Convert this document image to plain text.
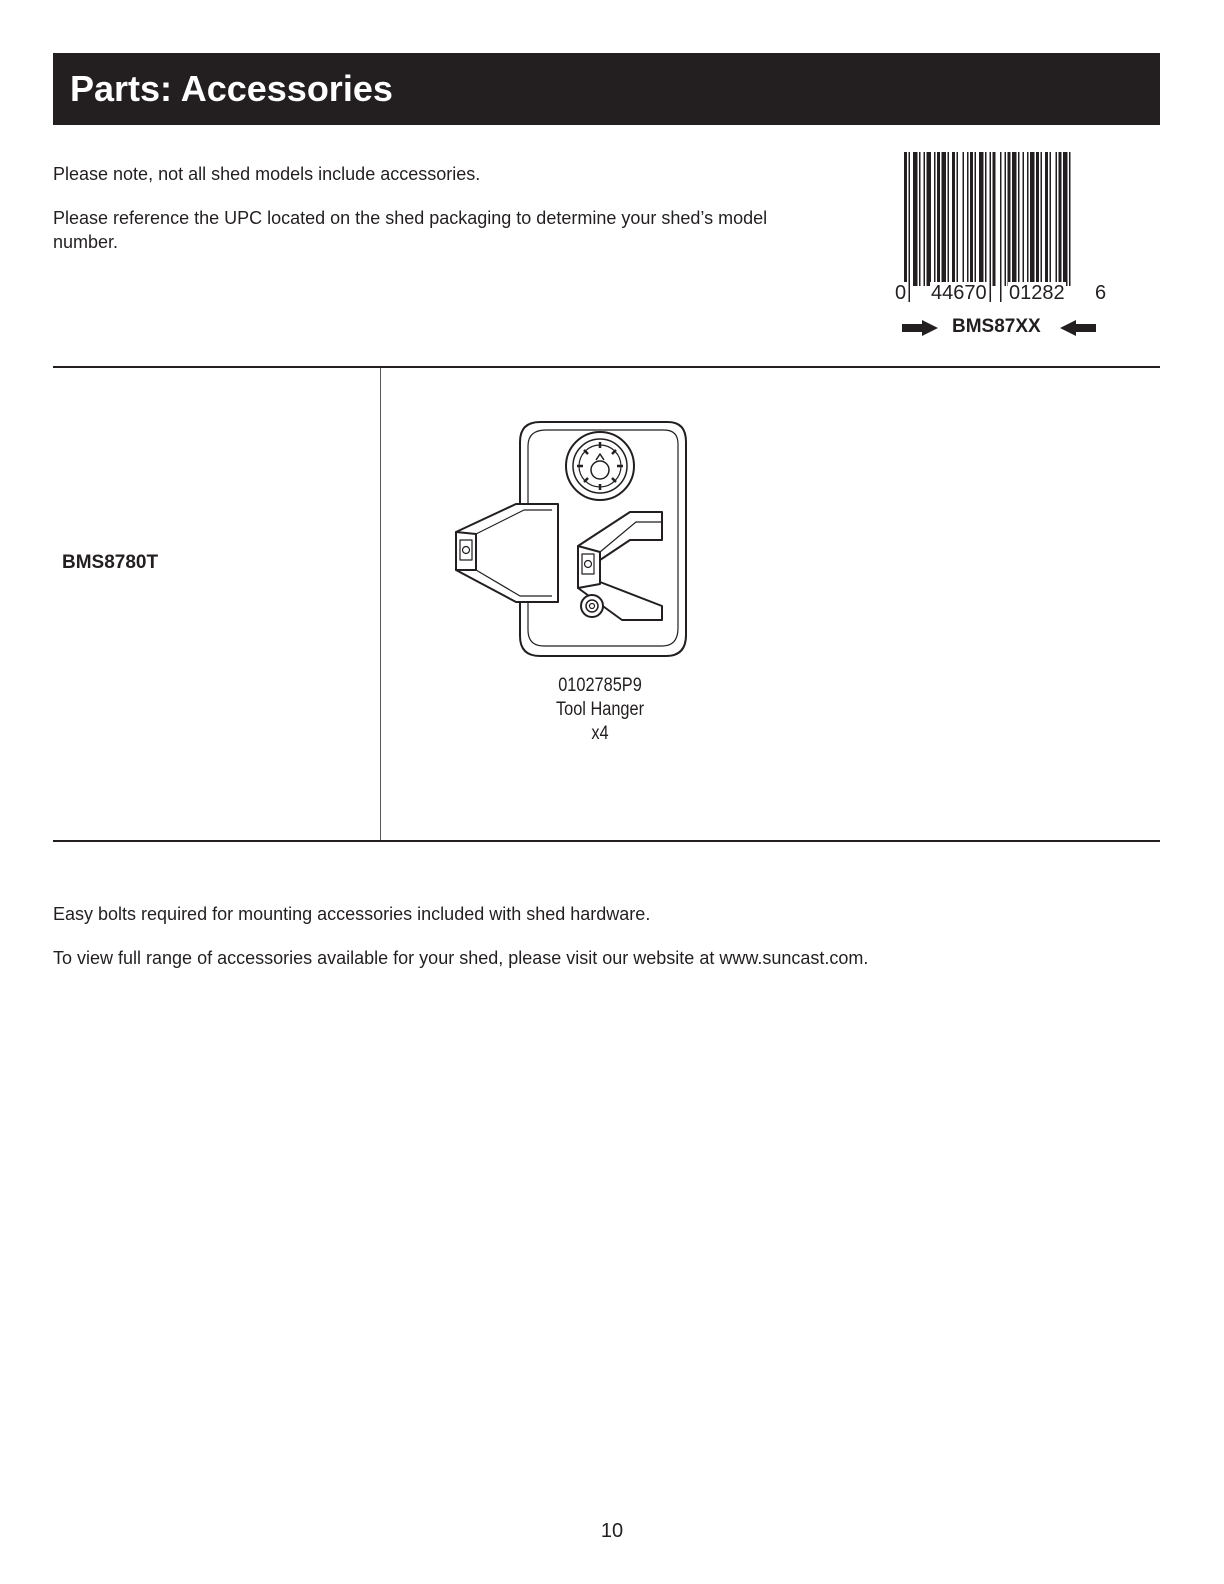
Parts: Accessories

Please note, not all shed models include accessories.

Please reference the UPC located on the shed packaging to determine your shed’s model number.

0 44670 01282 6
BMS87XX
BMS8780T
0102785P9
Tool Hanger
x4

Easy bolts required for mounting accessories included with shed hardware.

To view full range of accessories available for your shed, please visit our website at www.suncast.com.

10
